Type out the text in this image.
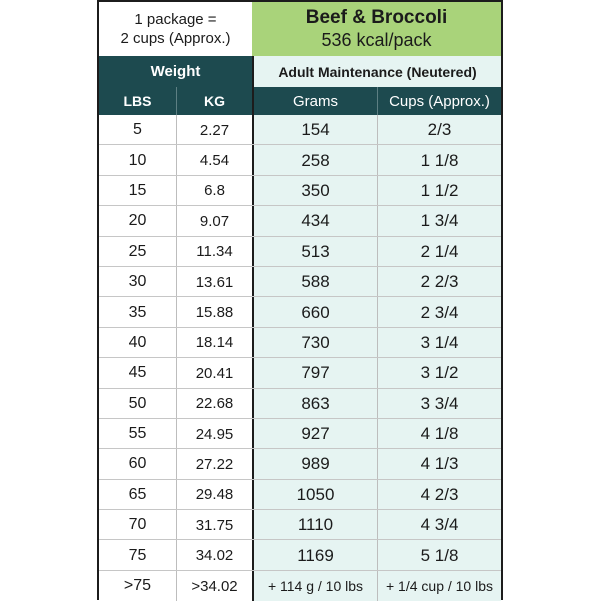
1 package =
2 cups (Approx.)
Beef & Broccoli
536 kcal/pack
Weight	Adult Maintenance (Neutered)
LBS	KG	Grams	Cups (Approx.)
5	2.27	154	2/3
10	4.54	258	1 1/8
15	6.8	350	1 1/2
20	9.07	434	1 3/4
25	11.34	513	2 1/4
30	13.61	588	2 2/3
35	15.88	660	2 3/4
40	18.14	730	3 1/4
45	20.41	797	3 1/2
50	22.68	863	3 3/4
55	24.95	927	4 1/8
60	27.22	989	4 1/3
65	29.48	1050	4 2/3
70	31.75	1110	4 3/4
75	34.02	1169	5 1/8
>75	>34.02	+ 114 g / 10 lbs	+ 1/4 cup / 10 lbs
